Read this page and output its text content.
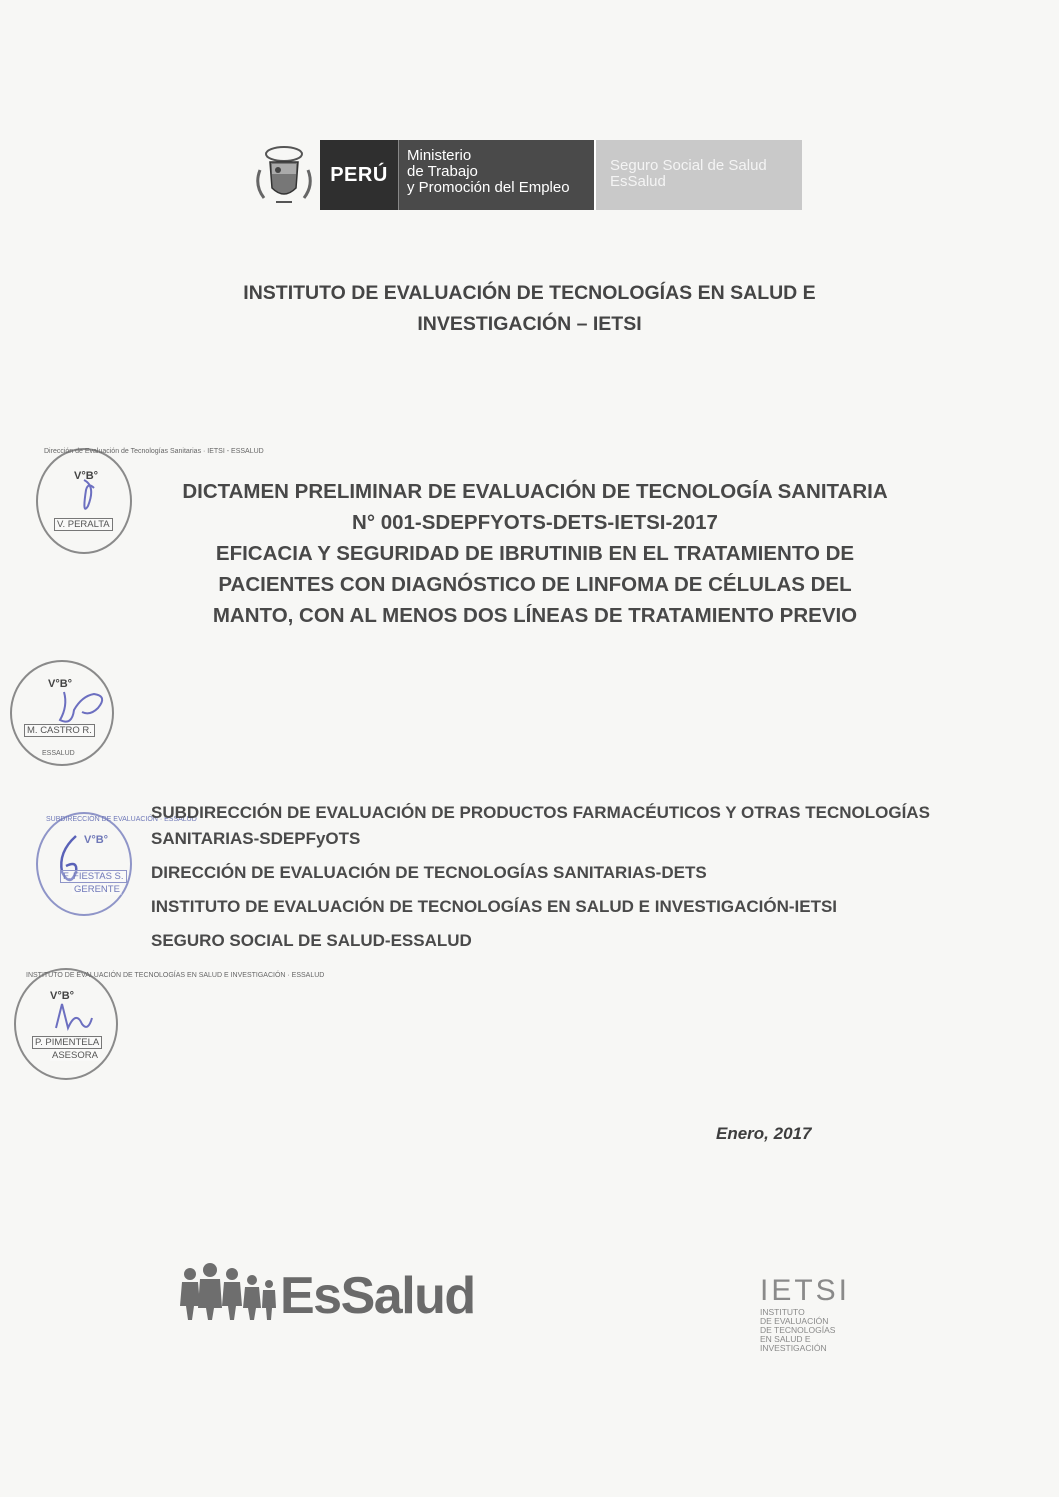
PERÚ
Ministerio
de Trabajo
y Promoción del Empleo
Seguro Social de Salud
EsSalud
INSTITUTO DE EVALUACIÓN DE TECNOLOGÍAS EN SALUD E
INVESTIGACIÓN – IETSI
DICTAMEN PRELIMINAR DE EVALUACIÓN DE TECNOLOGÍA SANITARIA
N° 001-SDEPFYOTS-DETS-IETSI-2017
EFICACIA Y SEGURIDAD DE IBRUTINIB EN EL TRATAMIENTO DE
PACIENTES CON DIAGNÓSTICO DE LINFOMA DE CÉLULAS DEL
MANTO, CON AL MENOS DOS LÍNEAS DE TRATAMIENTO PREVIO
Dirección de Evaluación de Tecnologías Sanitarias · IETSI - ESSALUD
V°B°
V. PERALTA
ESSALUD
V°B°
M. CASTRO R.
SUBDIRECCIÓN DE EVALUACIÓN · ESSALUD
V°B°
F. FIESTAS S.
GERENTE
INSTITUTO DE EVALUACIÓN DE TECNOLOGÍAS EN SALUD E INVESTIGACIÓN · ESSALUD
V°B°
P. PIMENTELA
ASESORA

SUBDIRECCIÓN DE EVALUACIÓN DE PRODUCTOS FARMACÉUTICOS Y OTRAS TECNOLOGÍAS SANITARIAS-SDEPFyOTS

DIRECCIÓN DE EVALUACIÓN DE TECNOLOGÍAS SANITARIAS-DETS

INSTITUTO DE EVALUACIÓN DE TECNOLOGÍAS EN SALUD E INVESTIGACIÓN-IETSI

SEGURO SOCIAL DE SALUD-ESSALUD

Enero, 2017
EsSalud	IETSI
INSTITUTO
DE EVALUACIÓN
DE TECNOLOGÍAS
EN SALUD E
INVESTIGACIÓN
